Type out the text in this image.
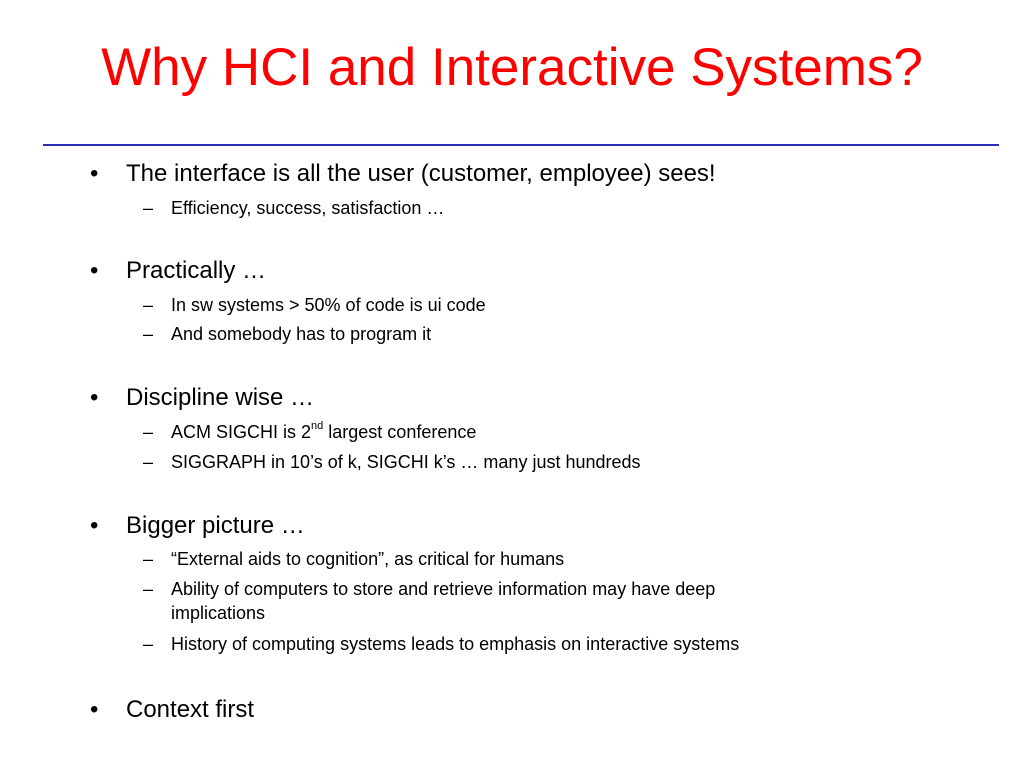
Why HCI and Interactive Systems?
• The interface is all the user (customer, employee) sees!
– Efficiency, success, satisfaction …
• Practically …
– In sw systems > 50% of code is ui code
– And somebody has to program it
• Discipline wise …
– ACM SIGCHI is 2nd largest conference
– SIGGRAPH in 10’s of k, SIGCHI k’s … many just hundreds
• Bigger picture …
– “External aids to cognition”, as critical for humans
– Ability of computers to store and retrieve information may have deep
implications
– History of computing systems leads to emphasis on interactive systems
• Context first
